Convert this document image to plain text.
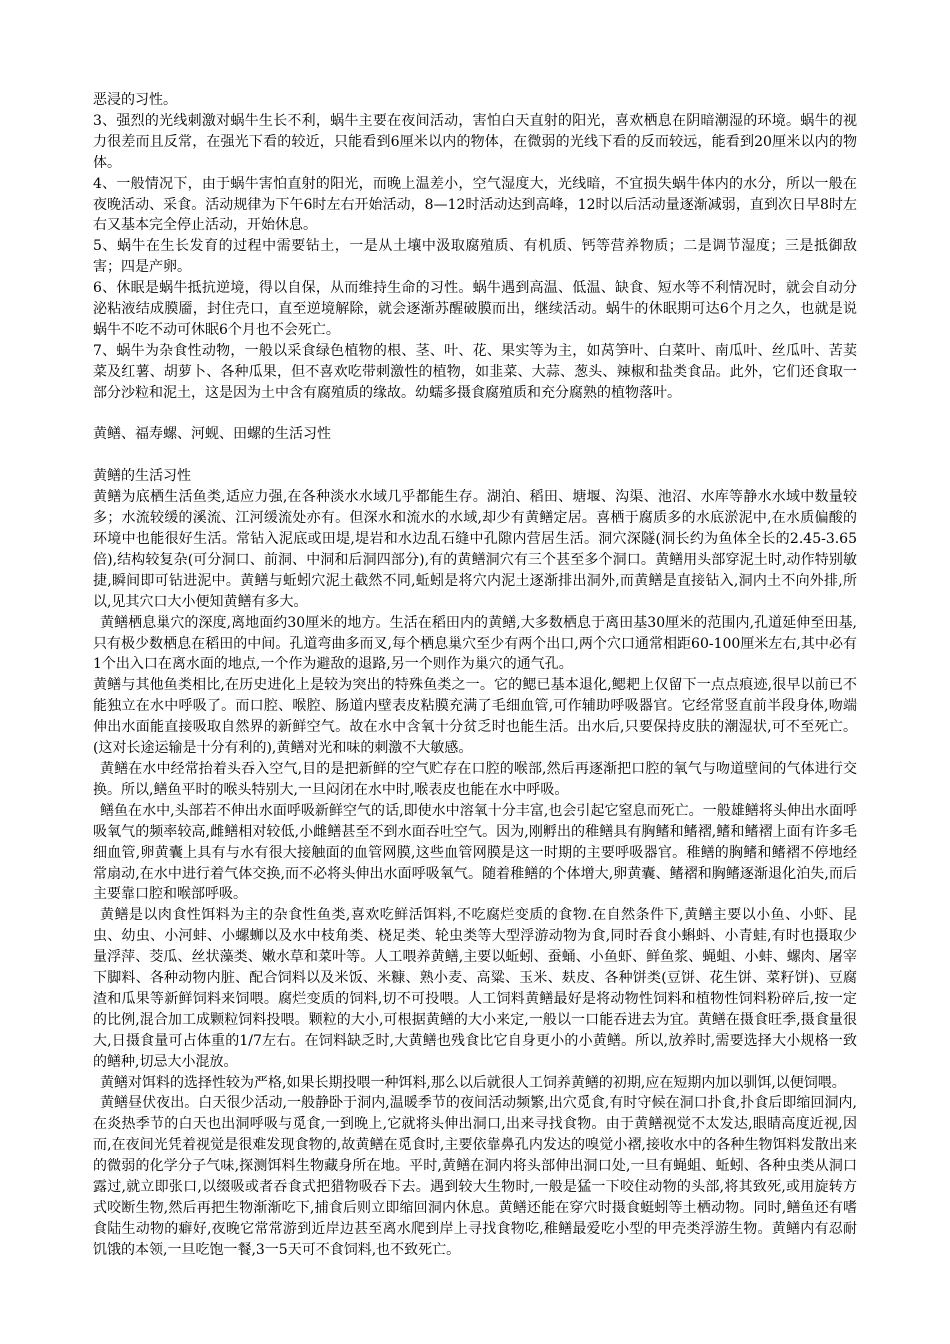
恶浸的习性。

3、强烈的光线刺激对蜗牛生长不利，蜗牛主要在夜间活动，害怕白天直射的阳光，喜欢栖息在阴暗潮湿的环境。蜗牛的视力很差而且反常，在强光下看的较近，只能看到6厘米以内的物体，在微弱的光线下看的反而较远，能看到20厘米以内的物体。

4、一般情况下，由于蜗牛害怕直射的阳光，而晚上温差小，空气湿度大，光线暗，不宜损失蜗牛体内的水分，所以一般在夜晚活动、采食。活动规律为下午6时左右开始活动，8—12时活动达到高峰，12时以后活动量逐渐减弱，直到次日早8时左右又基本完全停止活动，开始休息。

5、蜗牛在生长发育的过程中需要钻土，一是从土壤中汲取腐殖质、有机质、钙等营养物质；二是调节湿度；三是抵御敌害；四是产卵。

6、休眠是蜗牛抵抗逆境，得以自保，从而维持生命的习性。蜗牛遇到高温、低温、缺食、短水等不利情况时，就会自动分泌粘液结成膜靥，封住壳口，直至逆境解除，就会逐渐苏醒破膜而出，继续活动。蜗牛的休眠期可达6个月之久，也就是说蜗牛不吃不动可休眠6个月也不会死亡。

7、蜗牛为杂食性动物，一般以采食绿色植物的根、茎、叶、花、果实等为主，如莴笋叶、白菜叶、南瓜叶、丝瓜叶、苦荬菜及红薯、胡萝卜、各种瓜果，但不喜欢吃带刺激性的植物，如韭菜、大蒜、葱头、辣椒和盐类食品。此外，它们还食取一部分沙粒和泥土，这是因为土中含有腐殖质的缘故。幼蠕多摄食腐殖质和充分腐熟的植物落叶。

黄鳝、福寿螺、河蚬、田螺的生活习性

黄鳝的生活习性

黄鳝为底栖生活鱼类,适应力强,在各种淡水水域几乎都能生存。湖泊、稻田、塘堰、沟渠、池沼、水库等静水水域中数量较多；水流较缓的溪流、江河缓流处亦有。但深水和流水的水域,却少有黄鳝定居。喜栖于腐质多的水底淤泥中,在水质偏酸的环境中也能很好生活。常钻入泥底或田堤,堤岩和水边乱石缝中孔隙内营居生活。洞穴深隧(洞长约为鱼体全长的2.45-3.65倍),结构较复杂(可分洞口、前洞、中洞和后洞四部分),有的黄鳝洞穴有三个甚至多个洞口。黄鳝用头部穿泥土时,动作特别敏捷,瞬间即可钻进泥中。黄鳝与蚯蚓穴泥土截然不同,蚯蚓是将穴内泥土逐渐排出洞外,而黄鳝是直接钻入,洞内土不向外排,所以,见其穴口大小便知黄鳝有多大。

黄鳝栖息巢穴的深度,离地面约30厘米的地方。生活在稻田内的黄鳝,大多数栖息于离田基30厘米的范围内,孔道延伸至田基,只有极少数栖息在稻田的中间。孔道弯曲多而叉,每个栖息巢穴至少有两个出口,两个穴口通常相距60-100厘米左右,其中必有1个出入口在离水面的地点,一个作为避敌的退路,另一个则作为巢穴的通气孔。

黄鳝与其他鱼类相比,在历史进化上是较为突出的特殊鱼类之一。它的鳃已基本退化,鳃耙上仅留下一点点痕迹,很早以前已不能独立在水中呼吸了。而口腔、喉腔、肠道内壁表皮粘膜充满了毛细血管,可作辅助呼吸器官。它经常竖直前半段身体,吻端伸出水面能直接吸取自然界的新鲜空气。故在水中含氧十分贫乏时也能生活。出水后,只要保持皮肤的潮湿状,可不至死亡。(这对长途运输是十分有利的),黄鳝对光和味的刺激不大敏感。

黄鳝在水中经常抬着头吞入空气,目的是把新鲜的空气贮存在口腔的喉部,然后再逐渐把口腔的氧气与吻道壁间的气体进行交换。所以,鳝鱼平时的喉头特别大,一旦闷闭在水中时,喉表皮也能在水中呼吸。

鳝鱼在水中,头部若不伸出水面呼吸新鲜空气的话,即使水中溶氧十分丰富,也会引起它窒息而死亡。一般雄鳝将头伸出水面呼吸氧气的频率较高,雌鳝相对较低,小雌鳝甚至不到水面吞吐空气。因为,刚孵出的稚鳝具有胸鳍和鳍褶,鳍和鳍褶上面有许多毛细血管,卵黄囊上具有与水有很大接触面的血管网膜,这些血管网膜是这一时期的主要呼吸器官。稚鳝的胸鳍和鳍褶不停地经常扇动,在水中进行着气体交换,而不必将头伸出水面呼吸氧气。随着稚鳝的个体增大,卵黄囊、鳍褶和胸鳍逐渐退化泊失,而后主要靠口腔和喉部呼吸。

黄鳝是以肉食性饵料为主的杂食性鱼类,喜欢吃鲜活饵料,不吃腐烂变质的食物.在自然条件下,黄鳝主要以小鱼、小虾、昆虫、幼虫、小河蚌、小螺蛳以及水中枝角类、桡足类、轮虫类等大型浮游动物为食,同时吞食小蝌蚪、小青蛙,有时也摄取少量浮萍、茭瓜、丝状藻类、嫩水草和菜叶等。人工喂养黄鳝,主要以蚯蚓、蚕蛹、小鱼虾、鲜鱼浆、蝇蛆、小蚌、螺肉、屠宰下脚料、各种动物内脏、配合饲料以及米饭、米糠、熟小麦、高粱、玉米、麸皮、各种饼类(豆饼、花生饼、菜籽饼)、豆腐渣和瓜果等新鲜饲料来饲喂。腐烂变质的饲料,切不可投喂。人工饲料黄鳝最好是将动物性饲料和植物性饲料粉碎后,按一定的比例,混合加工成颗粒饲料投喂。颗粒的大小,可根据黄鳝的大小来定,一般以一口能吞进去为宜。黄鳝在摄食旺季,摄食量很大,日摄食量可占体重的1/7左右。在饲料缺乏时,大黄鳝也残食比它自身更小的小黄鳝。所以,放养时,需要选择大小规格一致的鳝种,切忌大小混放。

黄鳝对饵料的选择性较为严格,如果长期投喂一种饵料,那么以后就很人工饲养黄鳝的初期,应在短期内加以驯饵,以便饲喂。

黄鳝昼伏夜出。白天很少活动,一般静卧于洞内,温暖季节的夜间活动频繁,出穴觅食,有时守候在洞口扑食,扑食后即缩回洞内,在炎热季节的白天也出洞呼吸与觅食,一到晚上,它就将头伸出洞口,出来寻找食物。由于黄鳝视觉不太发达,眼睛高度近视,因而,在夜间光凭着视觉是很难发现食物的,故黄鳝在觅食时,主要依靠鼻孔内发达的嗅觉小褶,接收水中的各种生物饵料发散出来的微弱的化学分子气味,探测饵料生物藏身所在地。平时,黄鳝在洞内将头部伸出洞口处,一旦有蝇蛆、蚯蚓、各种虫类从洞口露过,就立即张口,以缀吸或者吞食式把猎物吸吞下去。遇到较大生物时,一般是猛一下咬住动物的头部,将其致死,或用旋转方式咬断生物,然后再把生物渐渐吃下,捕食后则立即缩回洞内休息。黄鳝还能在穿穴时摄食蜓蚓等土栖动物。同时,鳝鱼还有嗜食陆生动物的癖好,夜晚它常常游到近岸边甚至离水爬到岸上寻找食物吃,稚鳝最爱吃小型的甲壳类浮游生物。黄鳝内有忍耐饥饿的本领,一旦吃饱一餐,3一5天可不食饲料,也不致死亡。
